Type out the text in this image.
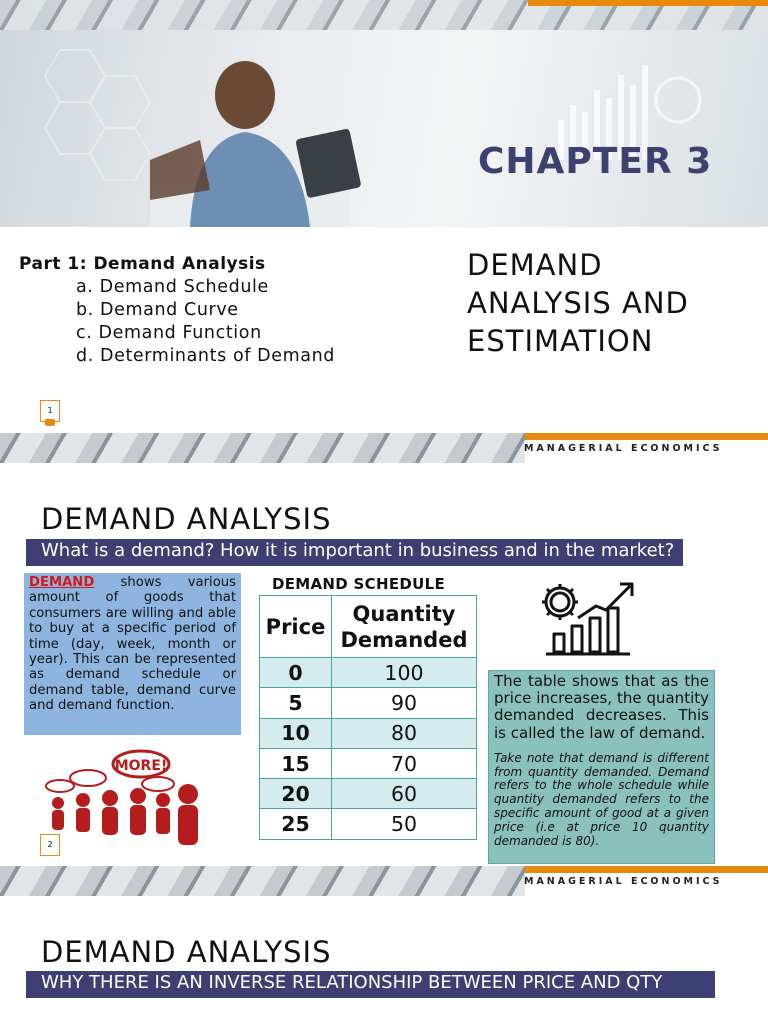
CHAPTER 3
Part 1: Demand Analysis
a. Demand Schedule
b. Demand Curve
c. Demand Function
d. Determinants of Demand
DEMAND
ANALYSIS AND
ESTIMATION
1
MANAGERIAL ECONOMICS
DEMAND ANALYSIS
What is a demand? How it is important in business and in the market?
DEMAND shows various amount of goods that consumers are willing and able to buy at a specific period of time (day, week, month or year). This can be represented as demand schedule or demand table, demand curve and demand function.
MORE!
2
DEMAND SCHEDULE
Price	Quantity Demanded
0	100
5	90
10	80
15	70
20	60
25	50
The table shows that as the price increases, the quantity demanded decreases. This is called the law of demand.
Take note that demand is different from quantity demanded. Demand refers to the whole schedule while quantity demanded refers to the specific amount of good at a given price (i.e at price 10 quantity demanded is 80).
MANAGERIAL ECONOMICS
DEMAND ANALYSIS
WHY THERE IS AN INVERSE RELATIONSHIP BETWEEN PRICE AND QTY DEMAND?
